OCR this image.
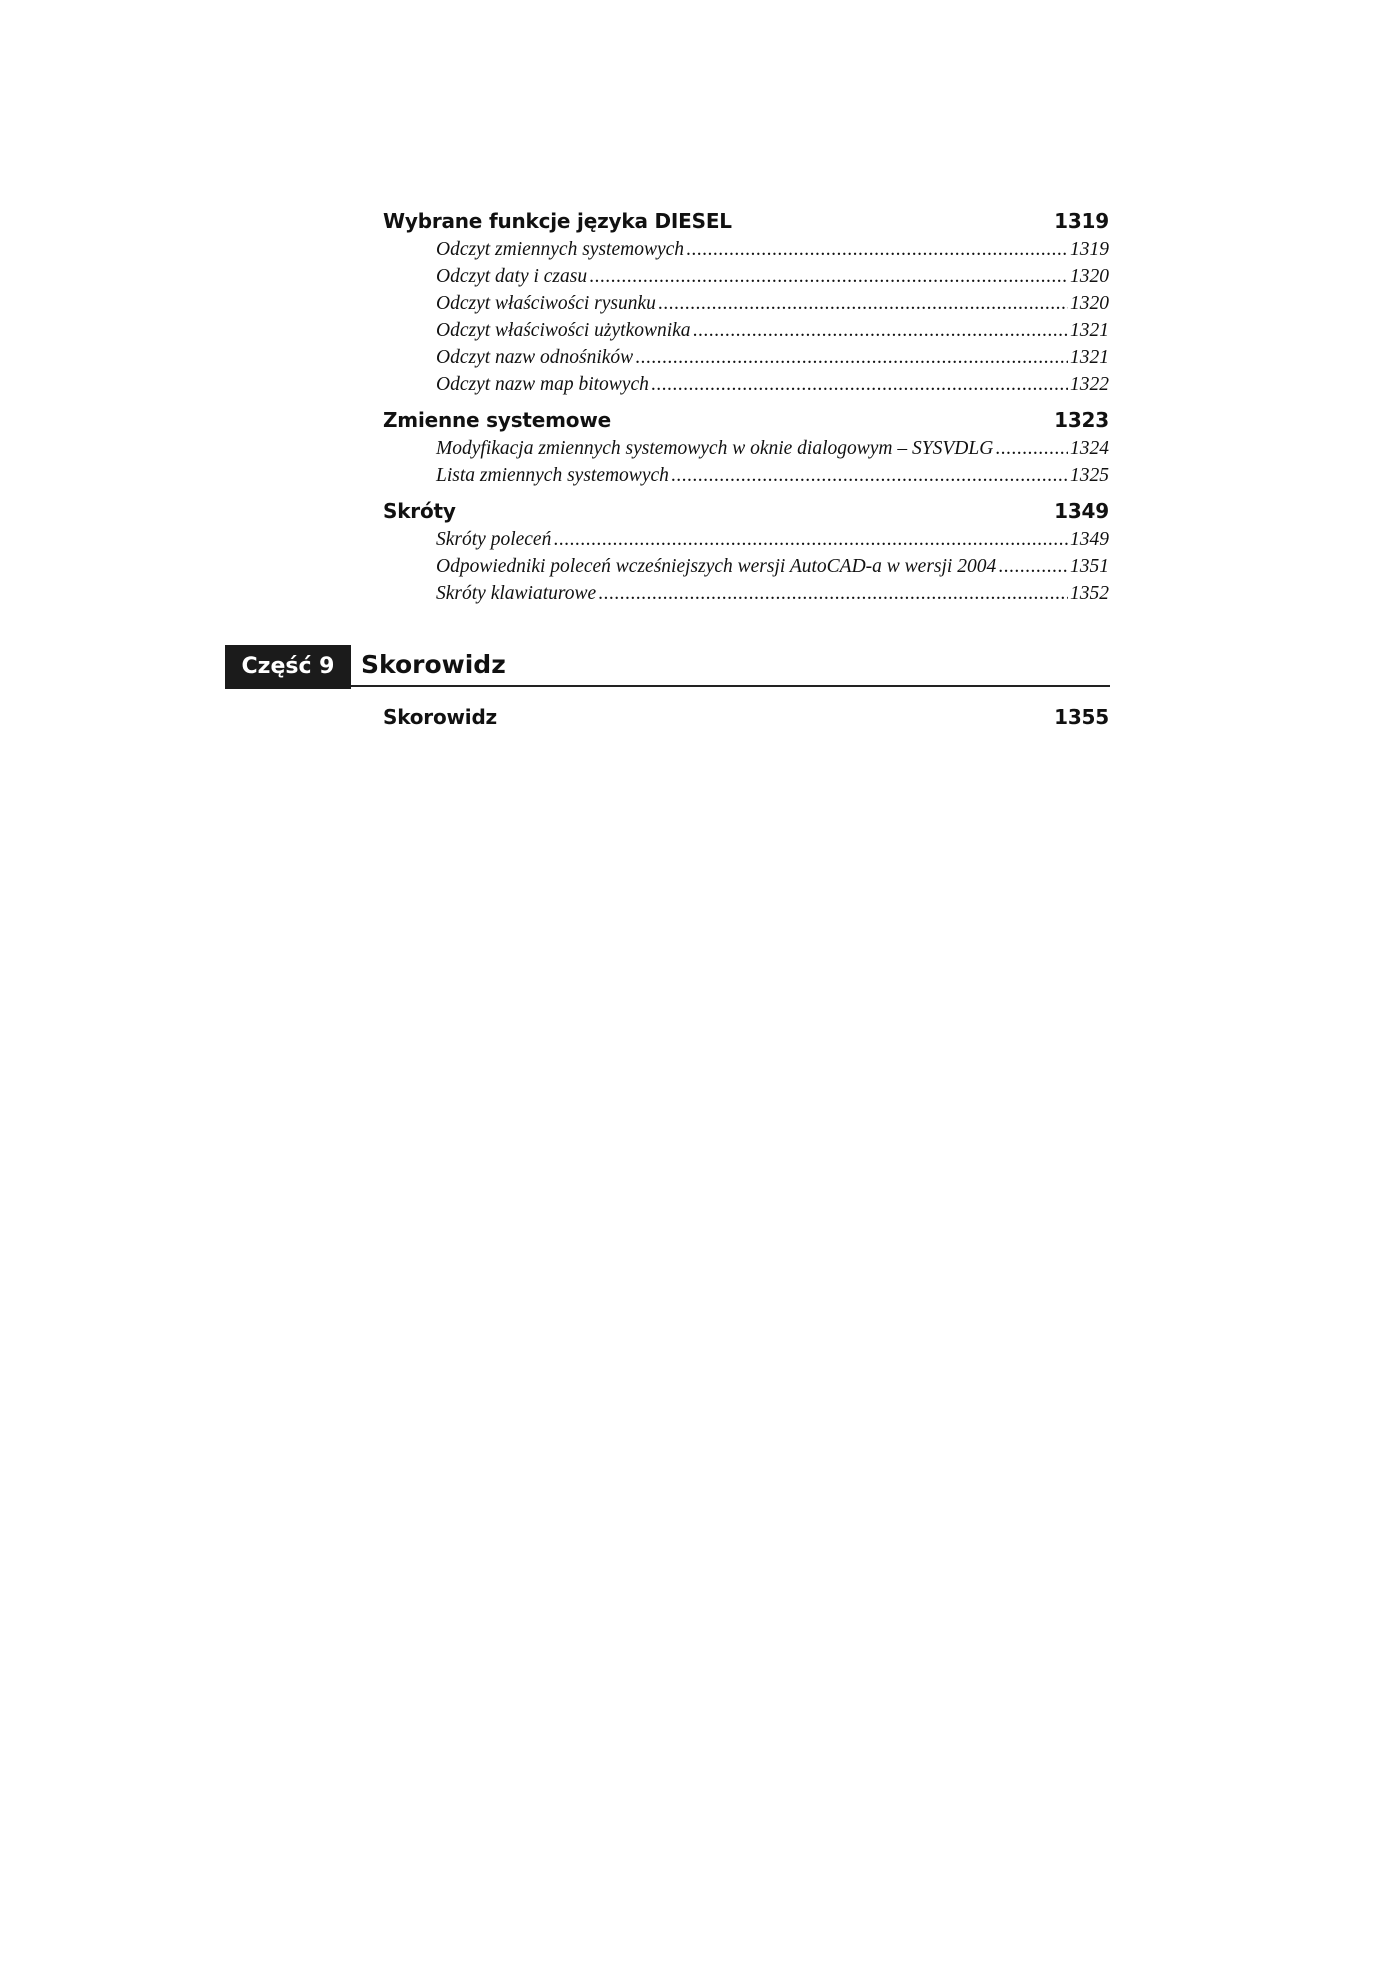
Wybrane funkcje języka DIESEL	1319
Odczyt zmiennych systemowych .....	1319
Odczyt daty i czasu .....	1320
Odczyt właściwości rysunku .....	1320
Odczyt właściwości użytkownika .....	1321
Odczyt nazw odnośników .....	1321
Odczyt nazw map bitowych .....	1322
Zmienne systemowe	1323
Modyfikacja zmiennych systemowych w oknie dialogowym – SYSVDLG .....	1324
Lista zmiennych systemowych .....	1325
Skróty	1349
Skróty poleceń .....	1349
Odpowiedniki poleceń wcześniejszych wersji AutoCAD-a w wersji 2004 .....	1351
Skróty klawiaturowe .....	1352
Część 9	Skorowidz
Skorowidz	1355
